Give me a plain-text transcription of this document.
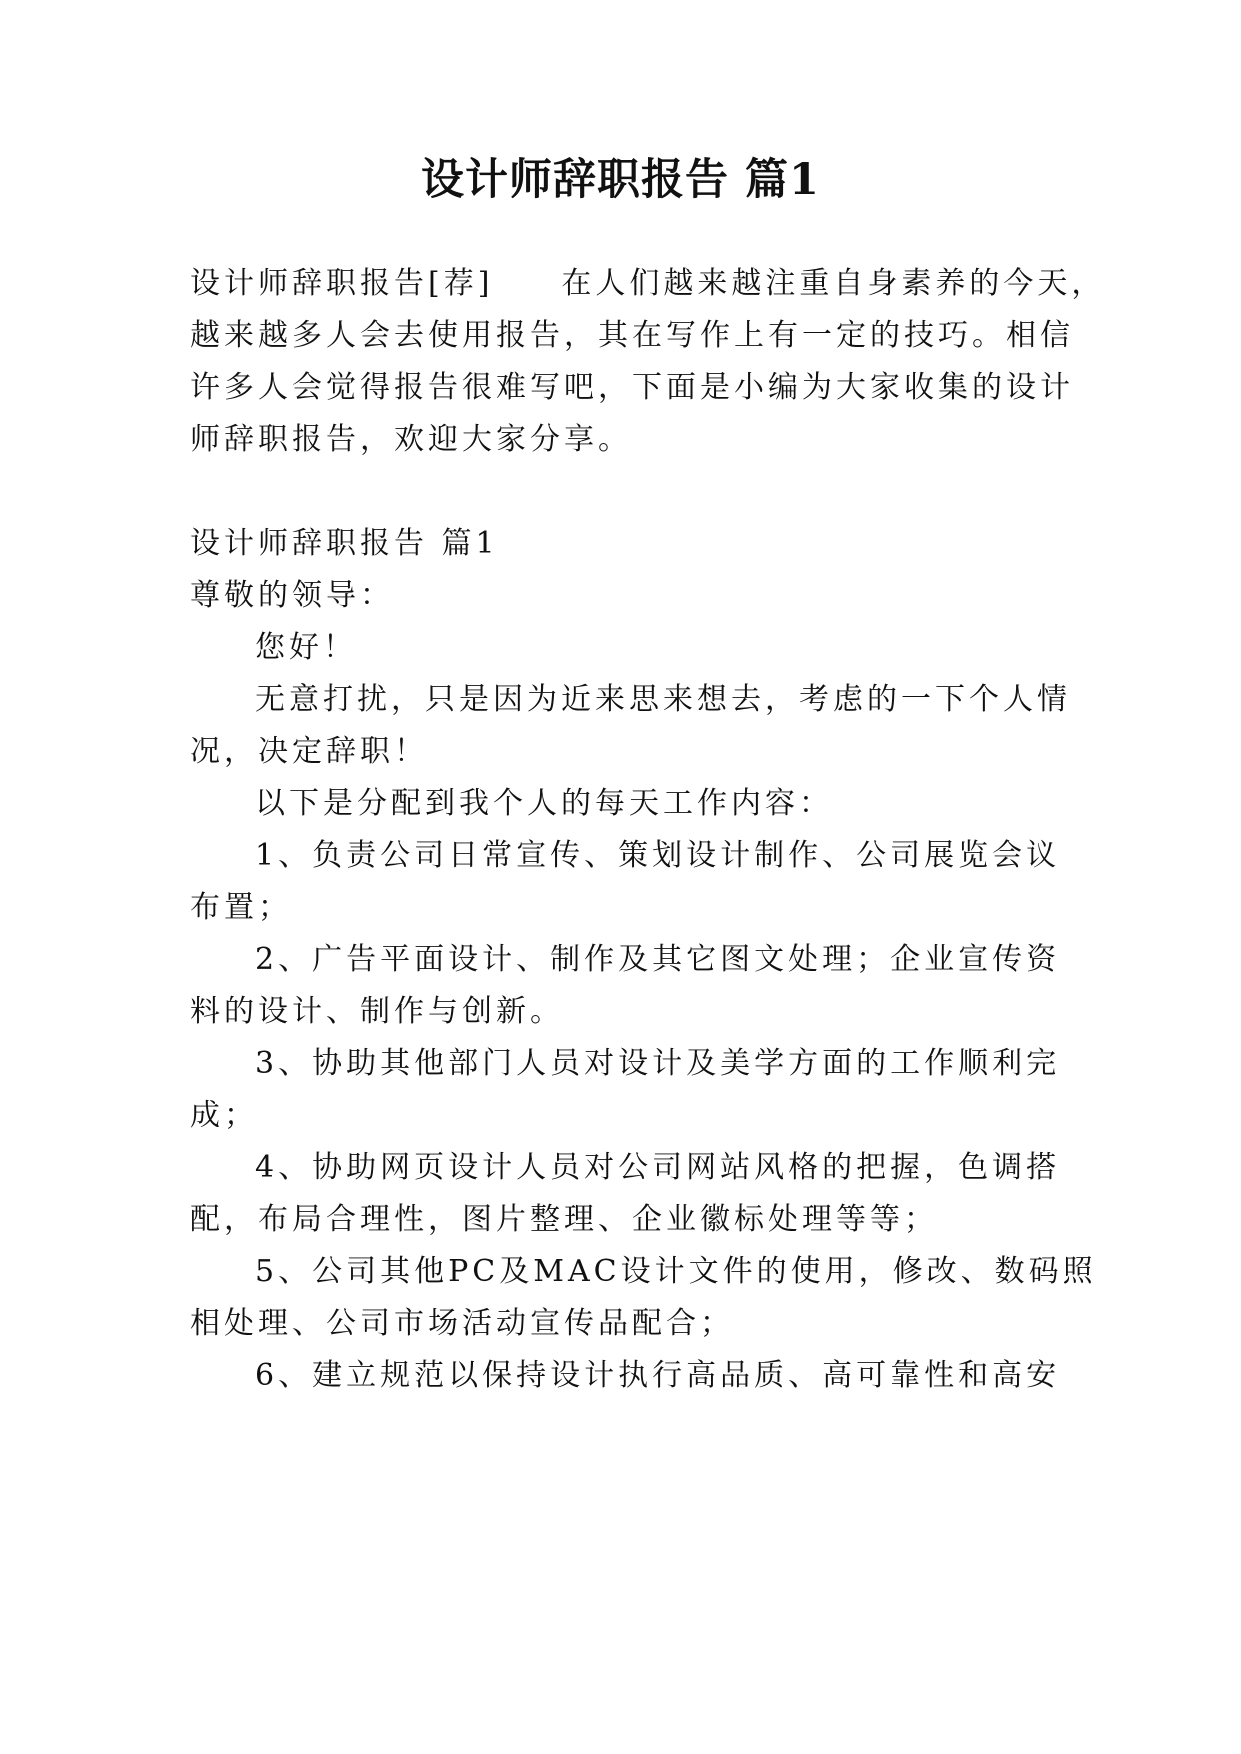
设计师辞职报告 篇1
设计师辞职报告[荐]　　在人们越来越注重自身素养的今天，
越来越多人会去使用报告，其在写作上有一定的技巧。相信
许多人会觉得报告很难写吧，下面是小编为大家收集的设计
师辞职报告，欢迎大家分享。
设计师辞职报告 篇1
尊敬的领导：
您好！
无意打扰，只是因为近来思来想去，考虑的一下个人情
况，决定辞职！
以下是分配到我个人的每天工作内容：
1、负责公司日常宣传、策划设计制作、公司展览会议
布置；
2、广告平面设计、制作及其它图文处理；企业宣传资
料的设计、制作与创新。
3、协助其他部门人员对设计及美学方面的工作顺利完
成；
4、协助网页设计人员对公司网站风格的把握，色调搭
配，布局合理性，图片整理、企业徽标处理等等；
5、公司其他PC及MAC设计文件的使用，修改、数码照
相处理、公司市场活动宣传品配合；
6、建立规范以保持设计执行高品质、高可靠性和高安
